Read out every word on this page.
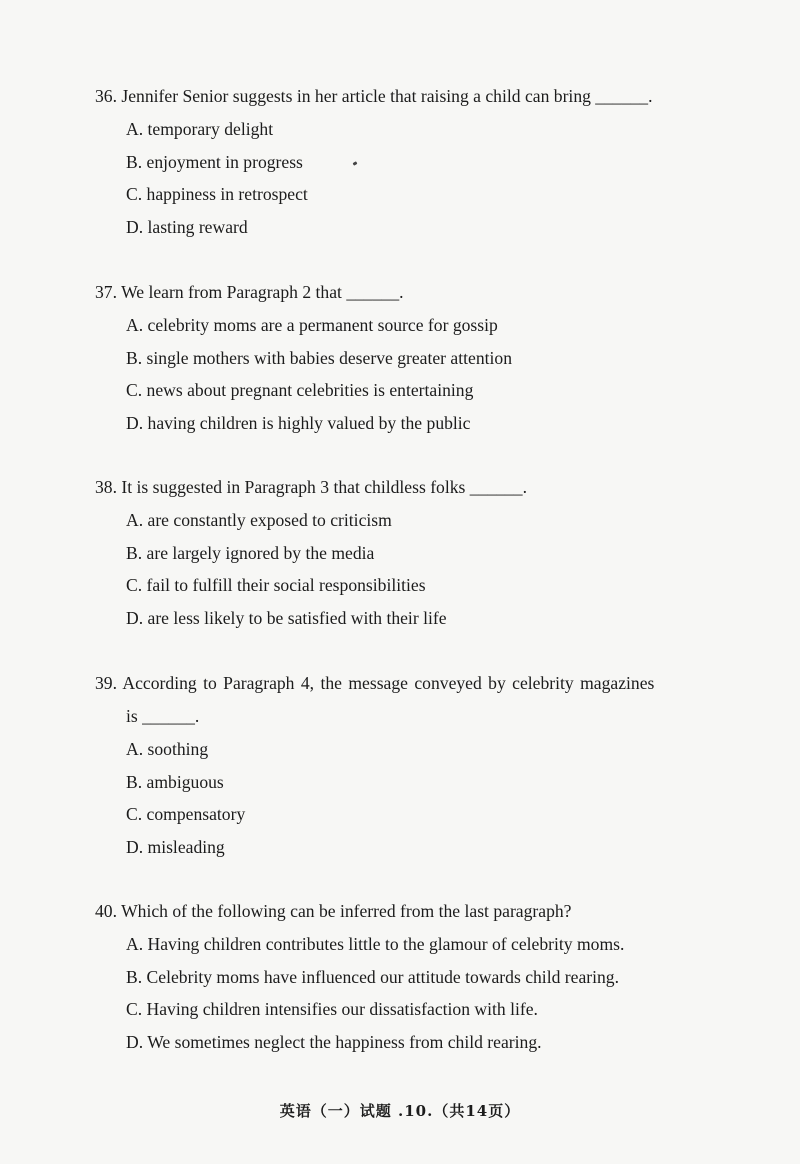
36. Jennifer Senior suggests in her article that raising a child can bring ______.

A. temporary delight
B. enjoyment in progress
C. happiness in retrospect
D. lasting reward

37. We learn from Paragraph 2 that ______.

A. celebrity moms are a permanent source for gossip
B. single mothers with babies deserve greater attention
C. news about pregnant celebrities is entertaining
D. having children is highly valued by the public

38. It is suggested in Paragraph 3 that childless folks ______.

A. are constantly exposed to criticism
B. are largely ignored by the media
C. fail to fulfill their social responsibilities
D. are less likely to be satisfied with their life

39. According to Paragraph 4, the message conveyed by celebrity magazines

is ______.

A. soothing
B. ambiguous
C. compensatory
D. misleading

40. Which of the following can be inferred from the last paragraph?

A. Having children contributes little to the glamour of celebrity moms.
B. Celebrity moms have influenced our attitude towards child rearing.
C. Having children intensifies our dissatisfaction with life.
D. We sometimes neglect the happiness from child rearing.
英语（一）试题 .10.（共14页）
